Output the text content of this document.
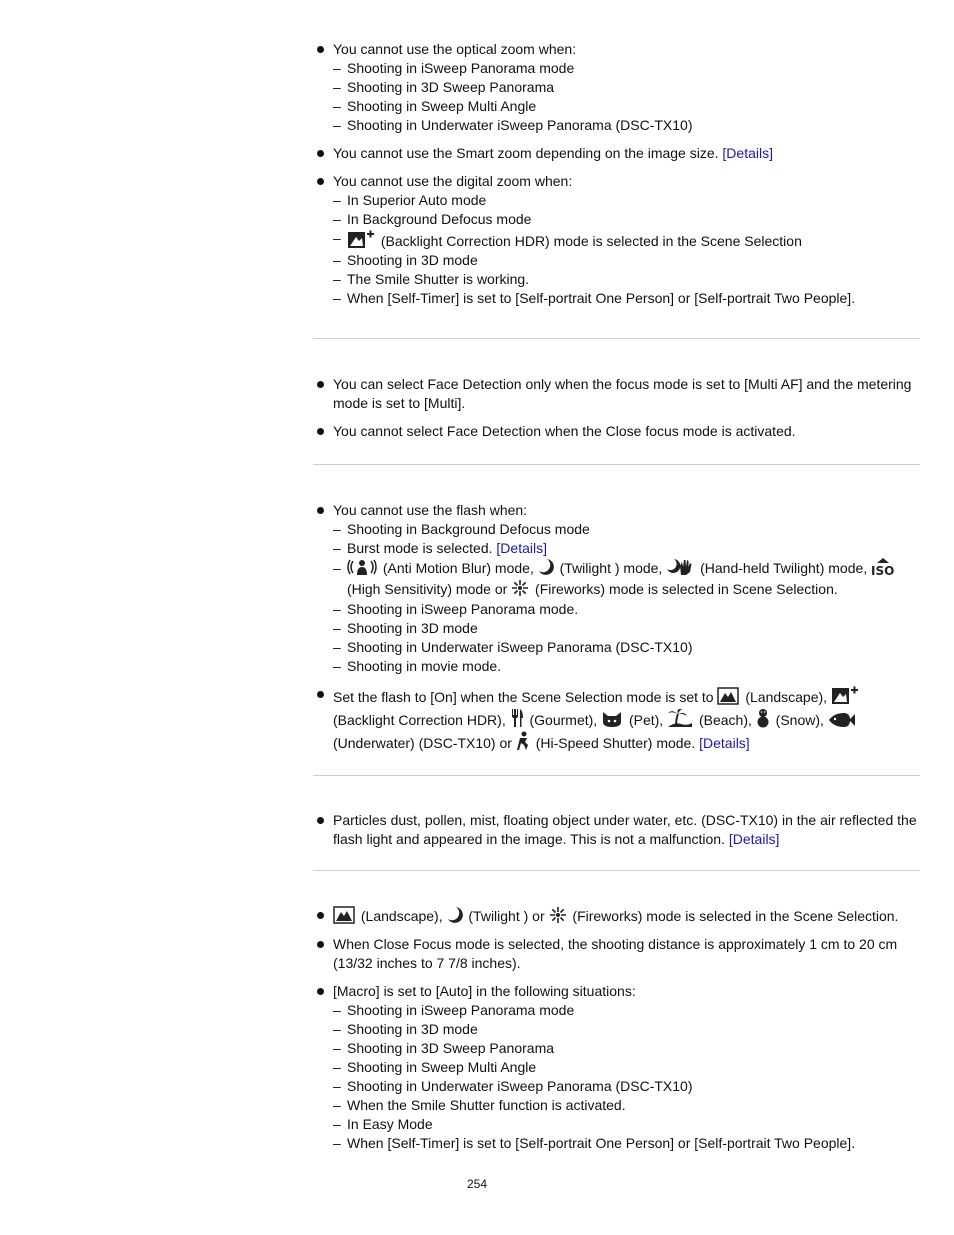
You cannot use the optical zoom when:
– Shooting in iSweep Panorama mode
– Shooting in 3D Sweep Panorama
– Shooting in Sweep Multi Angle
– Shooting in Underwater iSweep Panorama (DSC-TX10)
You cannot use the Smart zoom depending on the image size. [Details]
You cannot use the digital zoom when:
– In Superior Auto mode
– In Background Defocus mode
– (Backlight Correction HDR) mode is selected in the Scene Selection
– Shooting in 3D mode
– The Smile Shutter is working.
– When [Self-Timer] is set to [Self-portrait One Person] or [Self-portrait Two People].
You can select Face Detection only when the focus mode is set to [Multi AF] and the metering mode is set to [Multi].
You cannot select Face Detection when the Close focus mode is activated.
You cannot use the flash when:
– Shooting in Background Defocus mode
– Burst mode is selected. [Details]
– (Anti Motion Blur) mode,  (Twilight ) mode,  (Hand-held Twilight) mode, ISO
(High Sensitivity) mode or  (Fireworks) mode is selected in Scene Selection.
– Shooting in iSweep Panorama mode.
– Shooting in 3D mode
– Shooting in Underwater iSweep Panorama (DSC-TX10)
– Shooting in movie mode.
Set the flash to [On] when the Scene Selection mode is set to  (Landscape),  (Backlight Correction HDR),  (Gourmet),  (Pet),  (Beach),  (Snow),  (Underwater) (DSC-TX10) or  (Hi-Speed Shutter) mode. [Details]
Particles dust, pollen, mist, floating object under water, etc. (DSC-TX10) in the air reflected the flash light and appeared in the image. This is not a malfunction. [Details]
(Landscape),  (Twilight ) or  (Fireworks) mode is selected in the Scene Selection.
When Close Focus mode is selected, the shooting distance is approximately 1 cm to 20 cm (13/32 inches to 7 7/8 inches).
[Macro] is set to [Auto] in the following situations:
– Shooting in iSweep Panorama mode
– Shooting in 3D mode
– Shooting in 3D Sweep Panorama
– Shooting in Sweep Multi Angle
– Shooting in Underwater iSweep Panorama (DSC-TX10)
– When the Smile Shutter function is activated.
– In Easy Mode
– When [Self-Timer] is set to [Self-portrait One Person] or [Self-portrait Two People].
254
